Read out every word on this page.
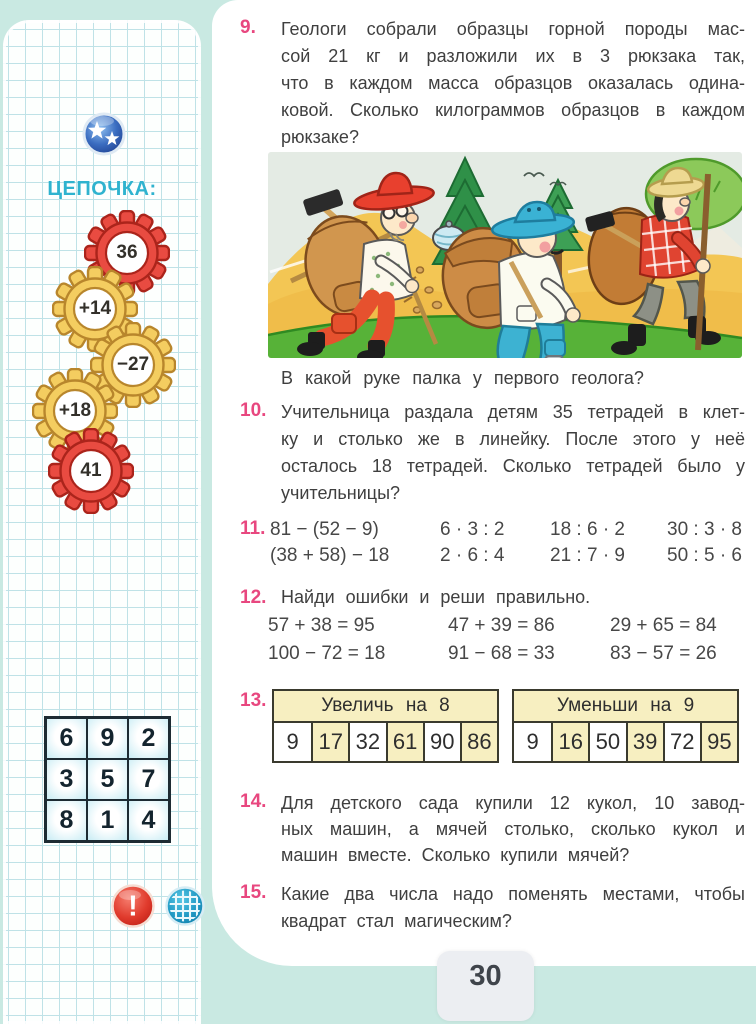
ЦЕПОЧКА:
36
+14
−27
+18
41
6	9	2
3	5	7
8	1	4
!
9. Геологи собрали образцы горной породы мас-
сой 21 кг и разложили их в 3 рюкзака так,
что в каждом масса образцов оказалась одина-
ковой. Сколько килограммов образцов в каждом
рюкзаке?
В какой руке палка у первого геолога?
10. Учительница раздала детям 35 тетрадей в клет-
ку и столько же в линейку. После этого у неё
осталось 18 тетрадей. Сколько тетрадей было у
учительницы?
11. 81 − (52 − 9)	6 · 3 : 2	18 : 6 · 2	30 : 3 · 8
(38 + 58) − 18	2 · 6 : 4	21 : 7 · 9	50 : 5 · 6
12. Найди ошибки и реши правильно.
57 + 38 = 95	47 + 39 = 86	29 + 65 = 84
100 − 72 = 18	91 − 68 = 33	83 − 57 = 26
13.	Увеличь на 8
9 17 32 61 90 86
Уменьши на 9
9 16 50 39 72 95
14. Для детского сада купили 12 кукол, 10 завод-
ных машин, а мячей столько, сколько кукол и
машин вместе. Сколько купили мячей?
15. Какие два числа надо поменять местами, чтобы
квадрат стал магическим?
30
